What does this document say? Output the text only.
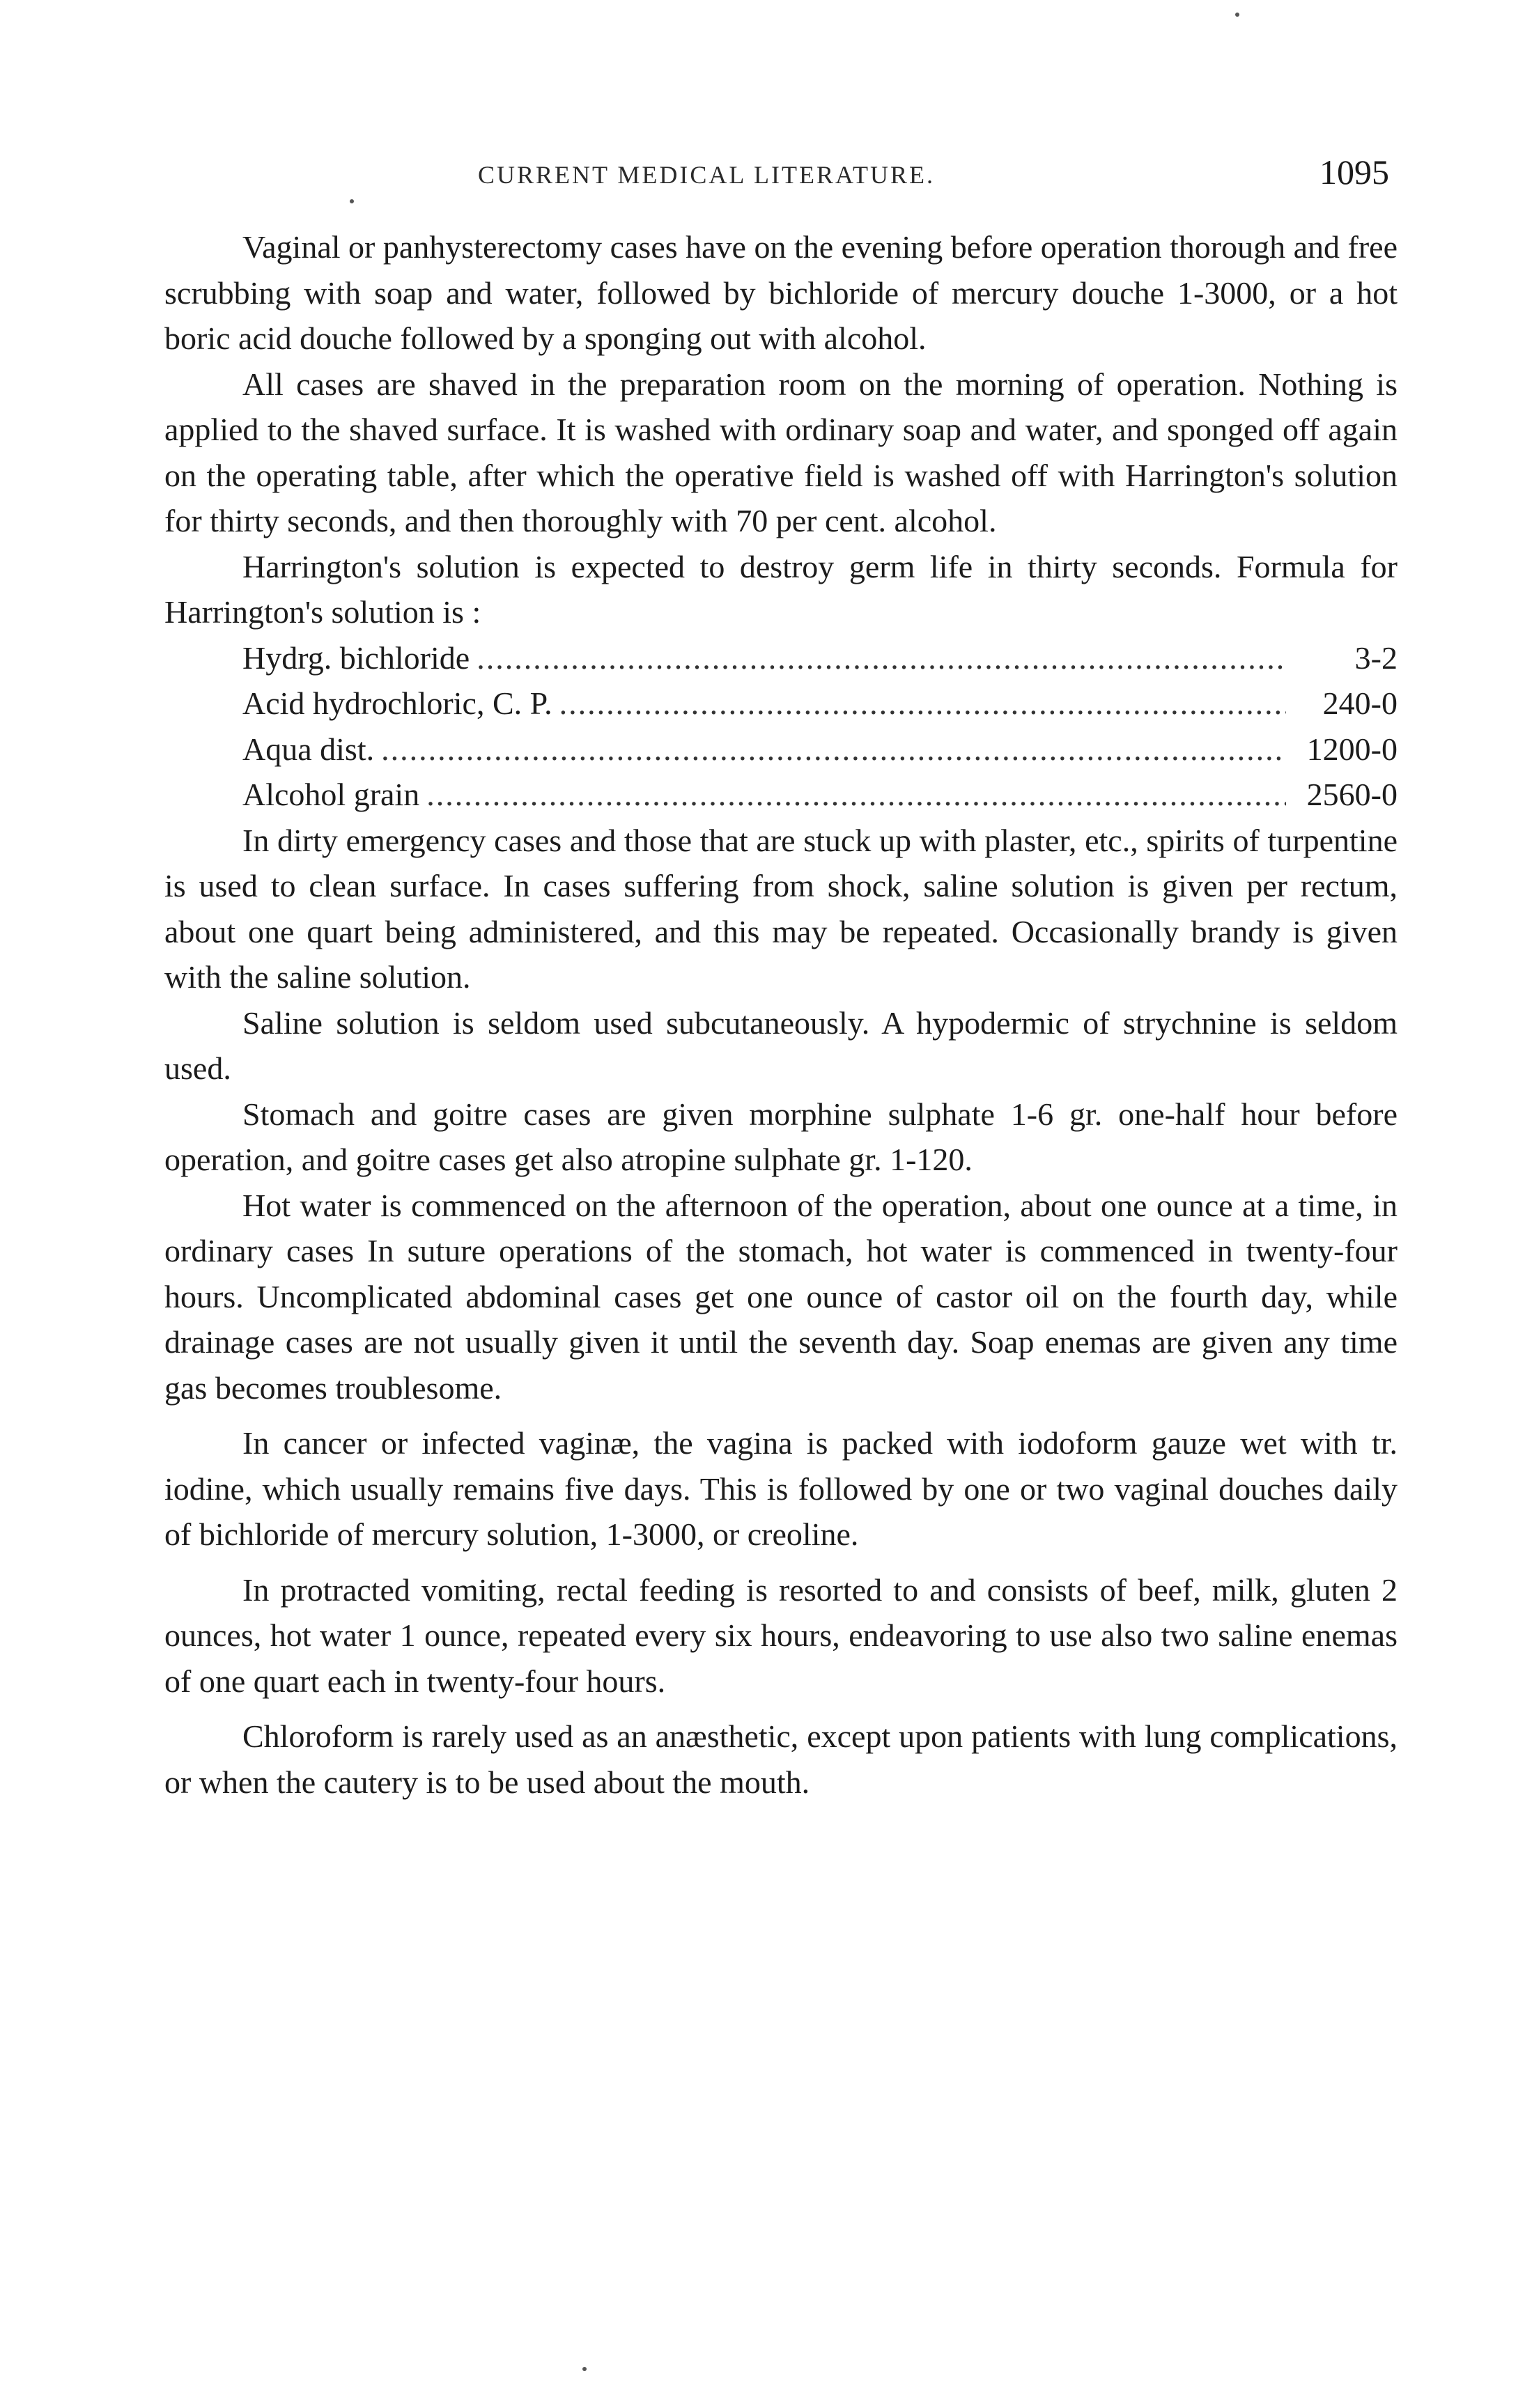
CURRENT MEDICAL LITERATURE.	1095

Vaginal or panhysterectomy cases have on the evening before operation thorough and free scrubbing with soap and water, followed by bichloride of mercury douche 1-3000, or a hot boric acid douche followed by a sponging out with alcohol.

All cases are shaved in the preparation room on the morning of operation. Nothing is applied to the shaved surface. It is washed with ordinary soap and water, and sponged off again on the operating table, after which the operative field is washed off with Harrington's solution for thirty seconds, and then thoroughly with 70 per cent. alcohol.

Harrington's solution is expected to destroy germ life in thirty seconds. Formula for Harrington's solution is :

Hydrg. bichloride .....	3-2
Acid hydrochloric, C. P. .....	240-0
Aqua dist. .....	1200-0
Alcohol grain .....	2560-0

In dirty emergency cases and those that are stuck up with plaster, etc., spirits of turpentine is used to clean surface. In cases suffering from shock, saline solution is given per rectum, about one quart being administered, and this may be repeated. Occasionally brandy is given with the saline solution.

Saline solution is seldom used subcutaneously. A hypodermic of strychnine is seldom used.

Stomach and goitre cases are given morphine sulphate 1-6 gr. one-half hour before operation, and goitre cases get also atropine sulphate gr. 1-120.

Hot water is commenced on the afternoon of the operation, about one ounce at a time, in ordinary cases In suture operations of the stomach, hot water is commenced in twenty-four hours. Uncomplicated abdominal cases get one ounce of castor oil on the fourth day, while drainage cases are not usually given it until the seventh day. Soap enemas are given any time gas becomes troublesome.

In cancer or infected vaginæ, the vagina is packed with iodoform gauze wet with tr. iodine, which usually remains five days. This is followed by one or two vaginal douches daily of bichloride of mercury solution, 1-3000, or creoline.

In protracted vomiting, rectal feeding is resorted to and consists of beef, milk, gluten 2 ounces, hot water 1 ounce, repeated every six hours, endeavoring to use also two saline enemas of one quart each in twenty-four hours.

Chloroform is rarely used as an anæsthetic, except upon patients with lung complications, or when the cautery is to be used about the mouth.
